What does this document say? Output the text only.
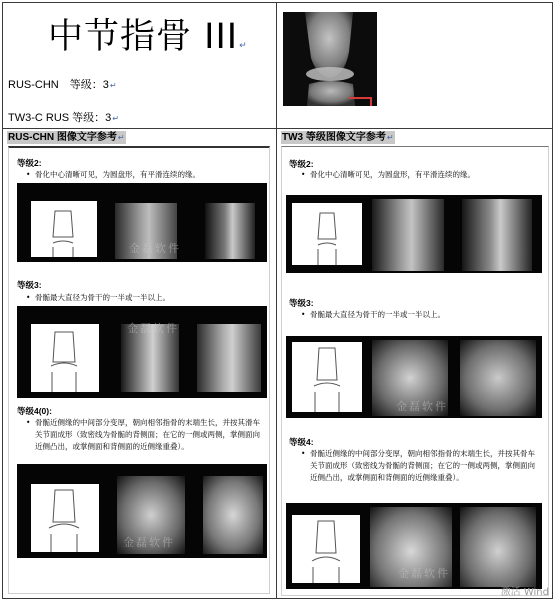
中节指骨 III↵
RUS-CHN 等级：3↵
TW3-C RUS 等级：3↵
RUS-CHN 图像文字参考↵
等级2:
• 骨化中心清晰可见，为圆盘形，有平滑连续的缘。
金磊软件
等级3:
• 骨骺最大直径为骨干的一半或一半以上。
金磊软件
等级4(0):
• 骨骺近侧缘的中间部分变厚，朝向相邻指骨的末端生长，并按其滑车关节面成形（致密线为骨骺的背侧面；在它的一侧或两侧，掌侧面向近侧凸出，或掌侧面和背侧面的近侧缘重叠）。
金磊软件
TW3 等级图像文字参考↵
等级2:
• 骨化中心清晰可见，为圆盘形，有平滑连续的缘。
等级3:
• 骨骺最大直径为骨干的一半或一半以上。
金磊软件
等级4:
• 骨骺近侧缘的中间部分变厚，朝向相邻指骨的末端生长，并按其骨车关节面成形（致密线为骨骺的背侧面；在它的一侧或两侧，掌侧面向近侧凸出，或掌侧面和背侧面的近侧缘重叠）。
金磊软件
激活 Wind
